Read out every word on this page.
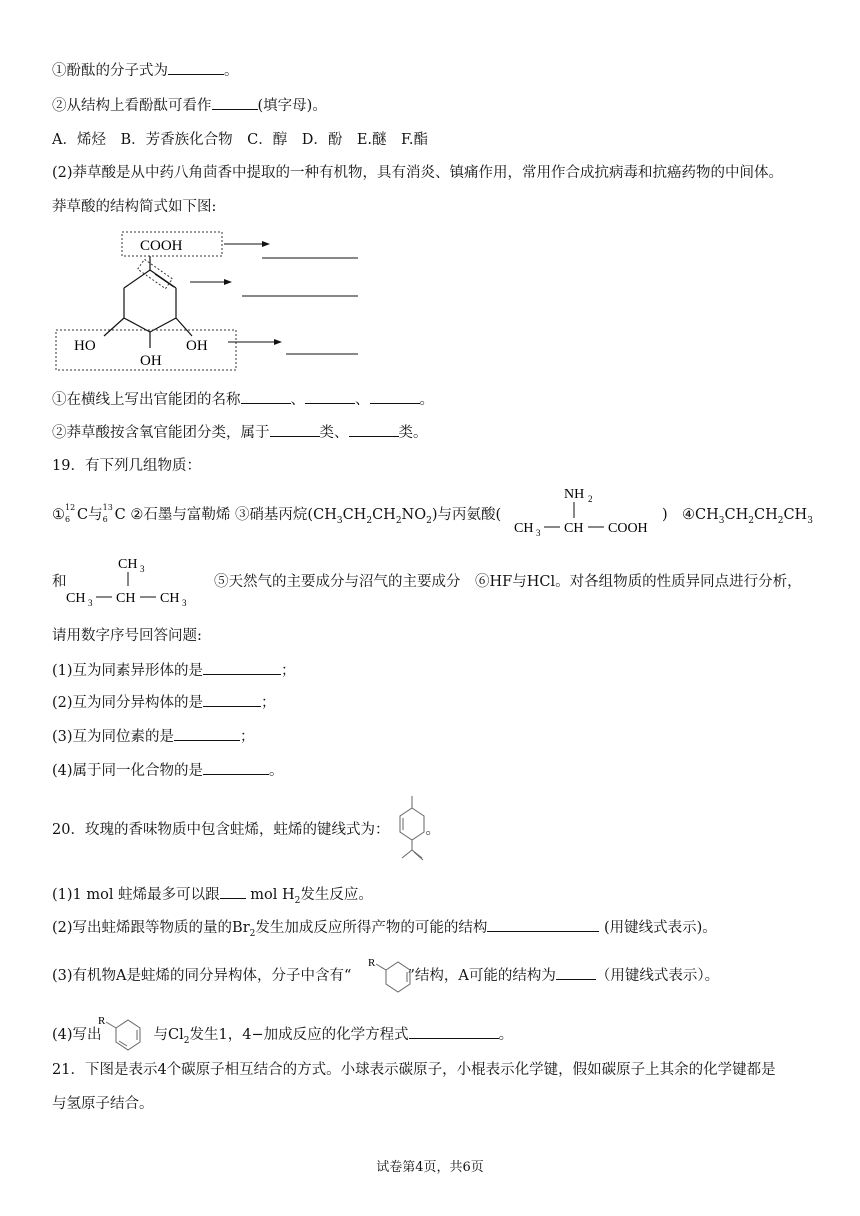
①酚酞的分子式为	。
②从结构上看酚酞可看作	(填字母)。
A．烯烃　B．芳香族化合物　C．醇　D．酚　E.醚　F.酯
(2)莽草酸是从中药八角茴香中提取的一种有机物，具有消炎、镇痛作用，常用作合成抗病毒和抗癌药物的中间体。
莽草酸的结构简式如下图:
COOH
HO
OH
OH
①在横线上写出官能团的名称	、	、	。
②莽草酸按含氧官能团分类，属于	类、	类。
19．有下列几组物质：
① 12
6 C与 13
6 C ②石墨与富勒烯 ③硝基丙烷$(CH_3CH_2CH_2NO_2)$与丙氨酸(
NH 2
CH 3 CH COOH
) $④CH_3CH_2CH_2CH_3$
和
CH 3
CH 3 CH CH 3
⑤天然气的主要成分与沼气的主要成分　 ⑥HF与HCl。对各组物质的性质异同点进行分析，
请用数字序号回答问题:
(1)互为同素异形体的是	；
(2)互为同分异构体的是	；
(3)互为同位素的是	；
(4)属于同一化合物的是	。
20．玫瑰的香味物质中包含蛀烯，蛀烯的键线式为： 。
(1)1 mol 蛀烯最多可以跟 mol $H_2$发生反应。
(2)写出蛀烯跟等物质的量的$Br_2$发生加成反应所得产物的可能的结构	(用键线式表示)。
(3)有机物A是蛀烯的同分异构体，分子中含有“	”结构，A可能的结构为	（用键线式表示）。
R
(4)写出	与$Cl_2$发生1，4−加成反应的化学方程式	。
R
21．下图是表示4个碳原子相互结合的方式。小球表示碳原子，小棍表示化学键，假如碳原子上其余的化学键都是
与氢原子结合。
试卷第4页，共6页
